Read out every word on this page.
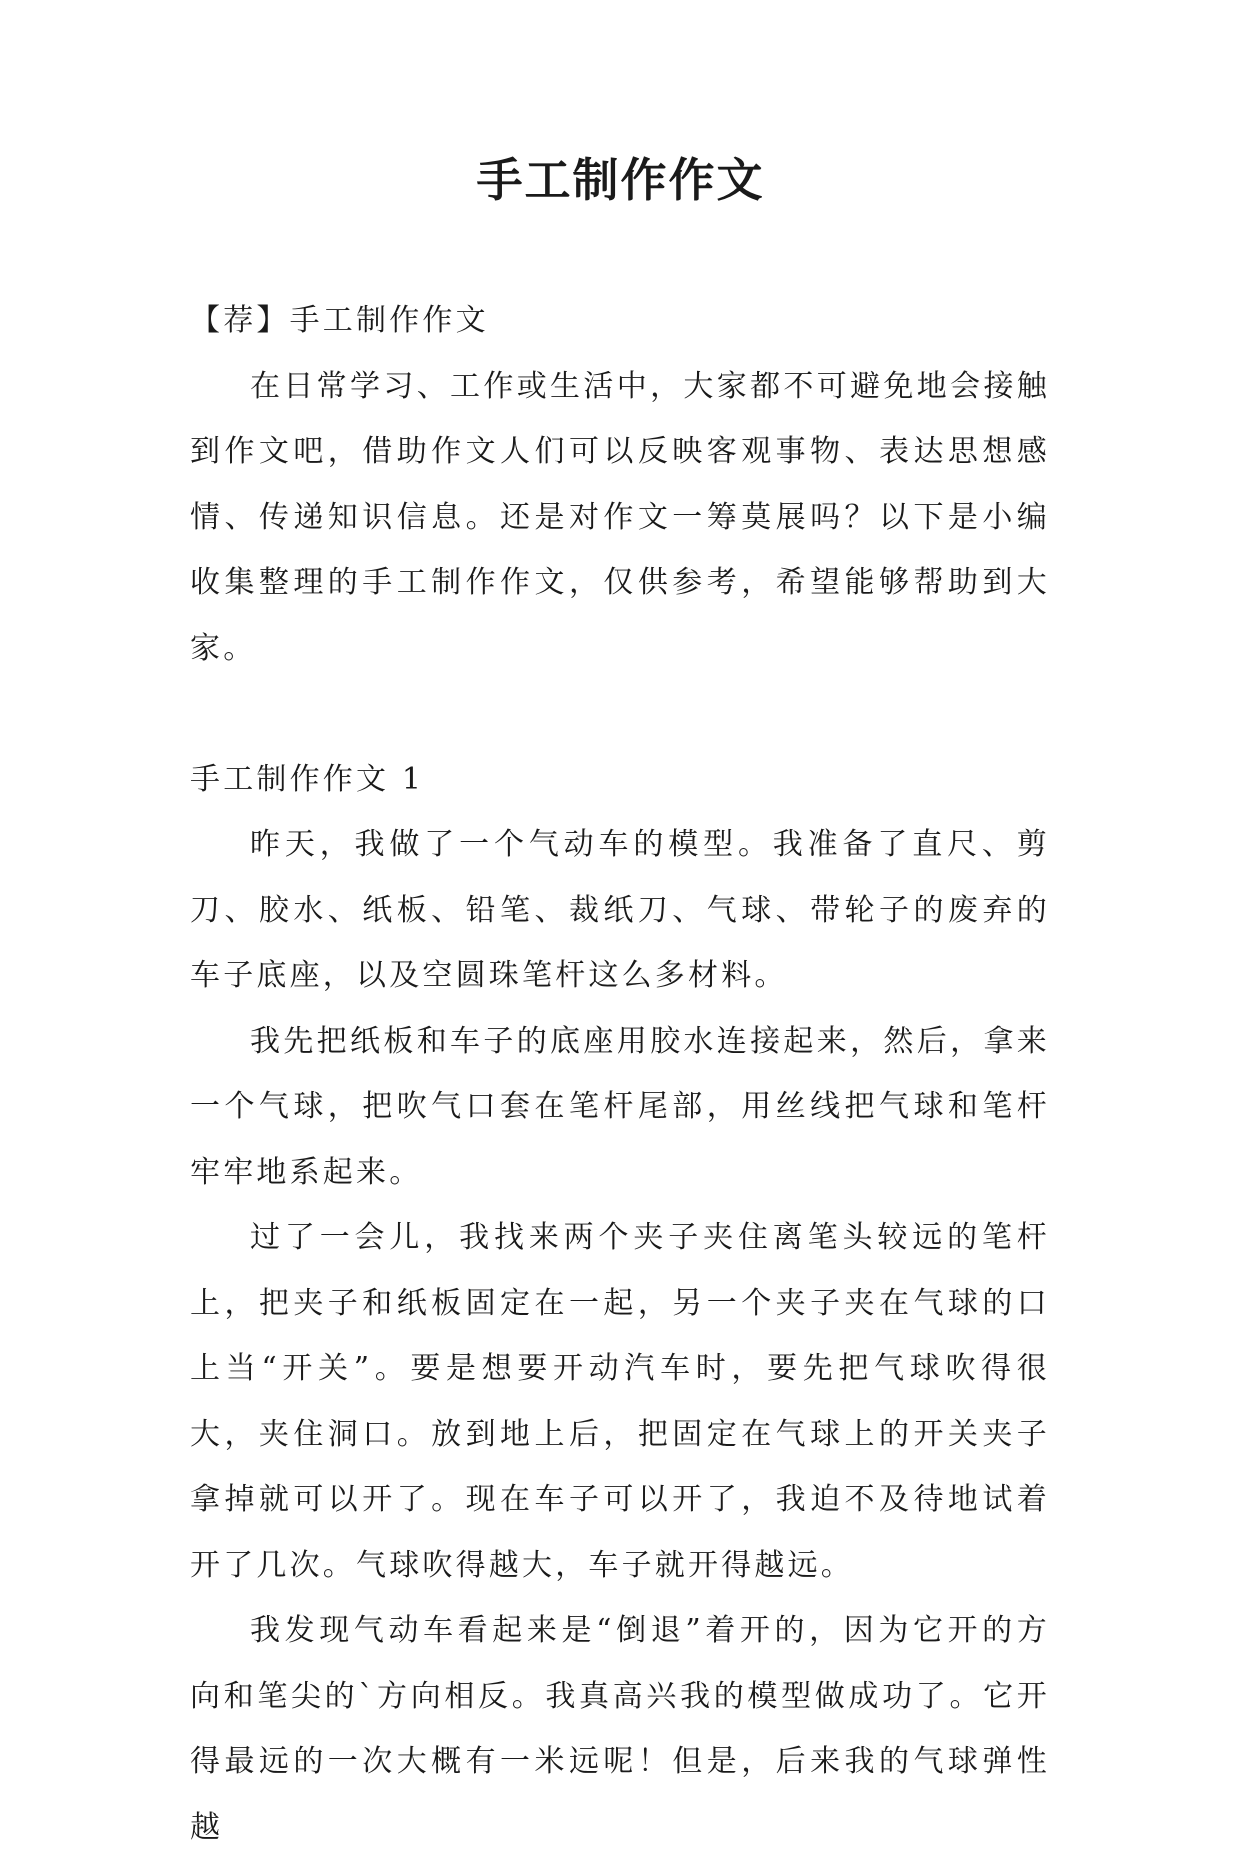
手工制作作文

【荐】手工制作作文

在日常学习、工作或生活中，大家都不可避免地会接触到作文吧，借助作文人们可以反映客观事物、表达思想感情、传递知识信息。还是对作文一筹莫展吗？以下是小编收集整理的手工制作作文，仅供参考，希望能够帮助到大家。

手工制作作文 1

昨天，我做了一个气动车的模型。我准备了直尺、剪刀、胶水、纸板、铅笔、裁纸刀、气球、带轮子的废弃的车子底座，以及空圆珠笔杆这么多材料。

我先把纸板和车子的底座用胶水连接起来，然后，拿来一个气球，把吹气口套在笔杆尾部，用丝线把气球和笔杆牢牢地系起来。

过了一会儿，我找来两个夹子夹住离笔头较远的笔杆上，把夹子和纸板固定在一起，另一个夹子夹在气球的口上当“开关”。要是想要开动汽车时，要先把气球吹得很大，夹住洞口。放到地上后，把固定在气球上的开关夹子拿掉就可以开了。现在车子可以开了，我迫不及待地试着开了几次。气球吹得越大，车子就开得越远。

我发现气动车看起来是“倒退”着开的，因为它开的方向和笔尖的`方向相反。我真高兴我的模型做成功了。它开得最远的一次大概有一米远呢！但是，后来我的气球弹性越
